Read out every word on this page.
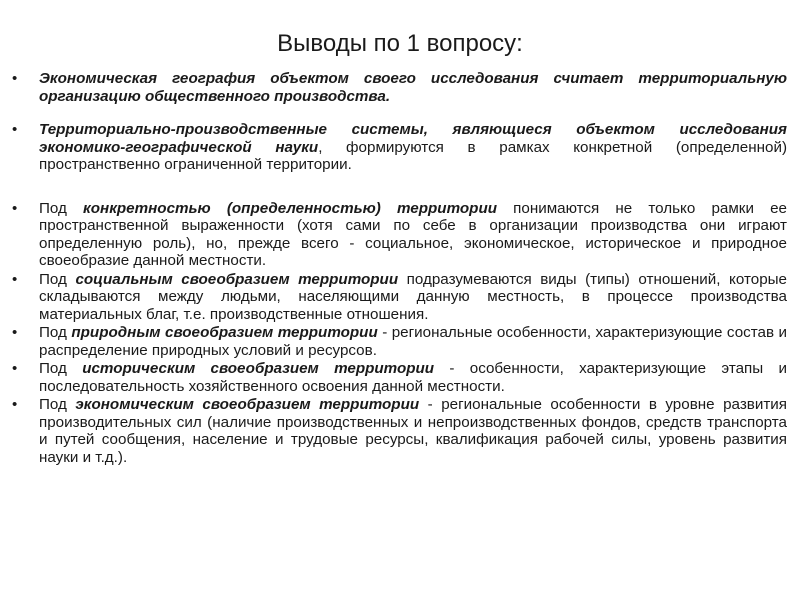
Выводы по 1 вопросу:
• Экономическая география объектом своего исследования считает территориальную организацию общественного производства.

• Территориально-производственные системы, являющиеся объектом исследования экономико-географической науки, формируются в рамках конкретной (определенной) пространственно ограниченной территории.

• Под конкретностью (определенностью) территории понимаются не только рамки ее пространственной выраженности (хотя сами по себе в организации производства они играют определенную роль), но, прежде всего - социальное, экономическое, историческое и природное своеобразие данной местности.

• Под социальным своеобразием территории подразумеваются виды (типы) отношений, которые складываются между людьми, населяющими данную местность, в процессе производства материальных благ, т.е. производственные отношения.

• Под природным своеобразием территории - региональные особенности, характеризующие состав и распределение природных условий и ресурсов.

• Под историческим своеобразием территории - особенности, характеризующие этапы и последовательность хозяйственного освоения данной местности.

• Под экономическим своеобразием территории - региональные особенности в уровне развития производительных сил (наличие производственных и непроизводственных фондов, средств транспорта и путей сообщения, население и трудовые ресурсы, квалификация рабочей силы, уровень развития науки и т.д.).
